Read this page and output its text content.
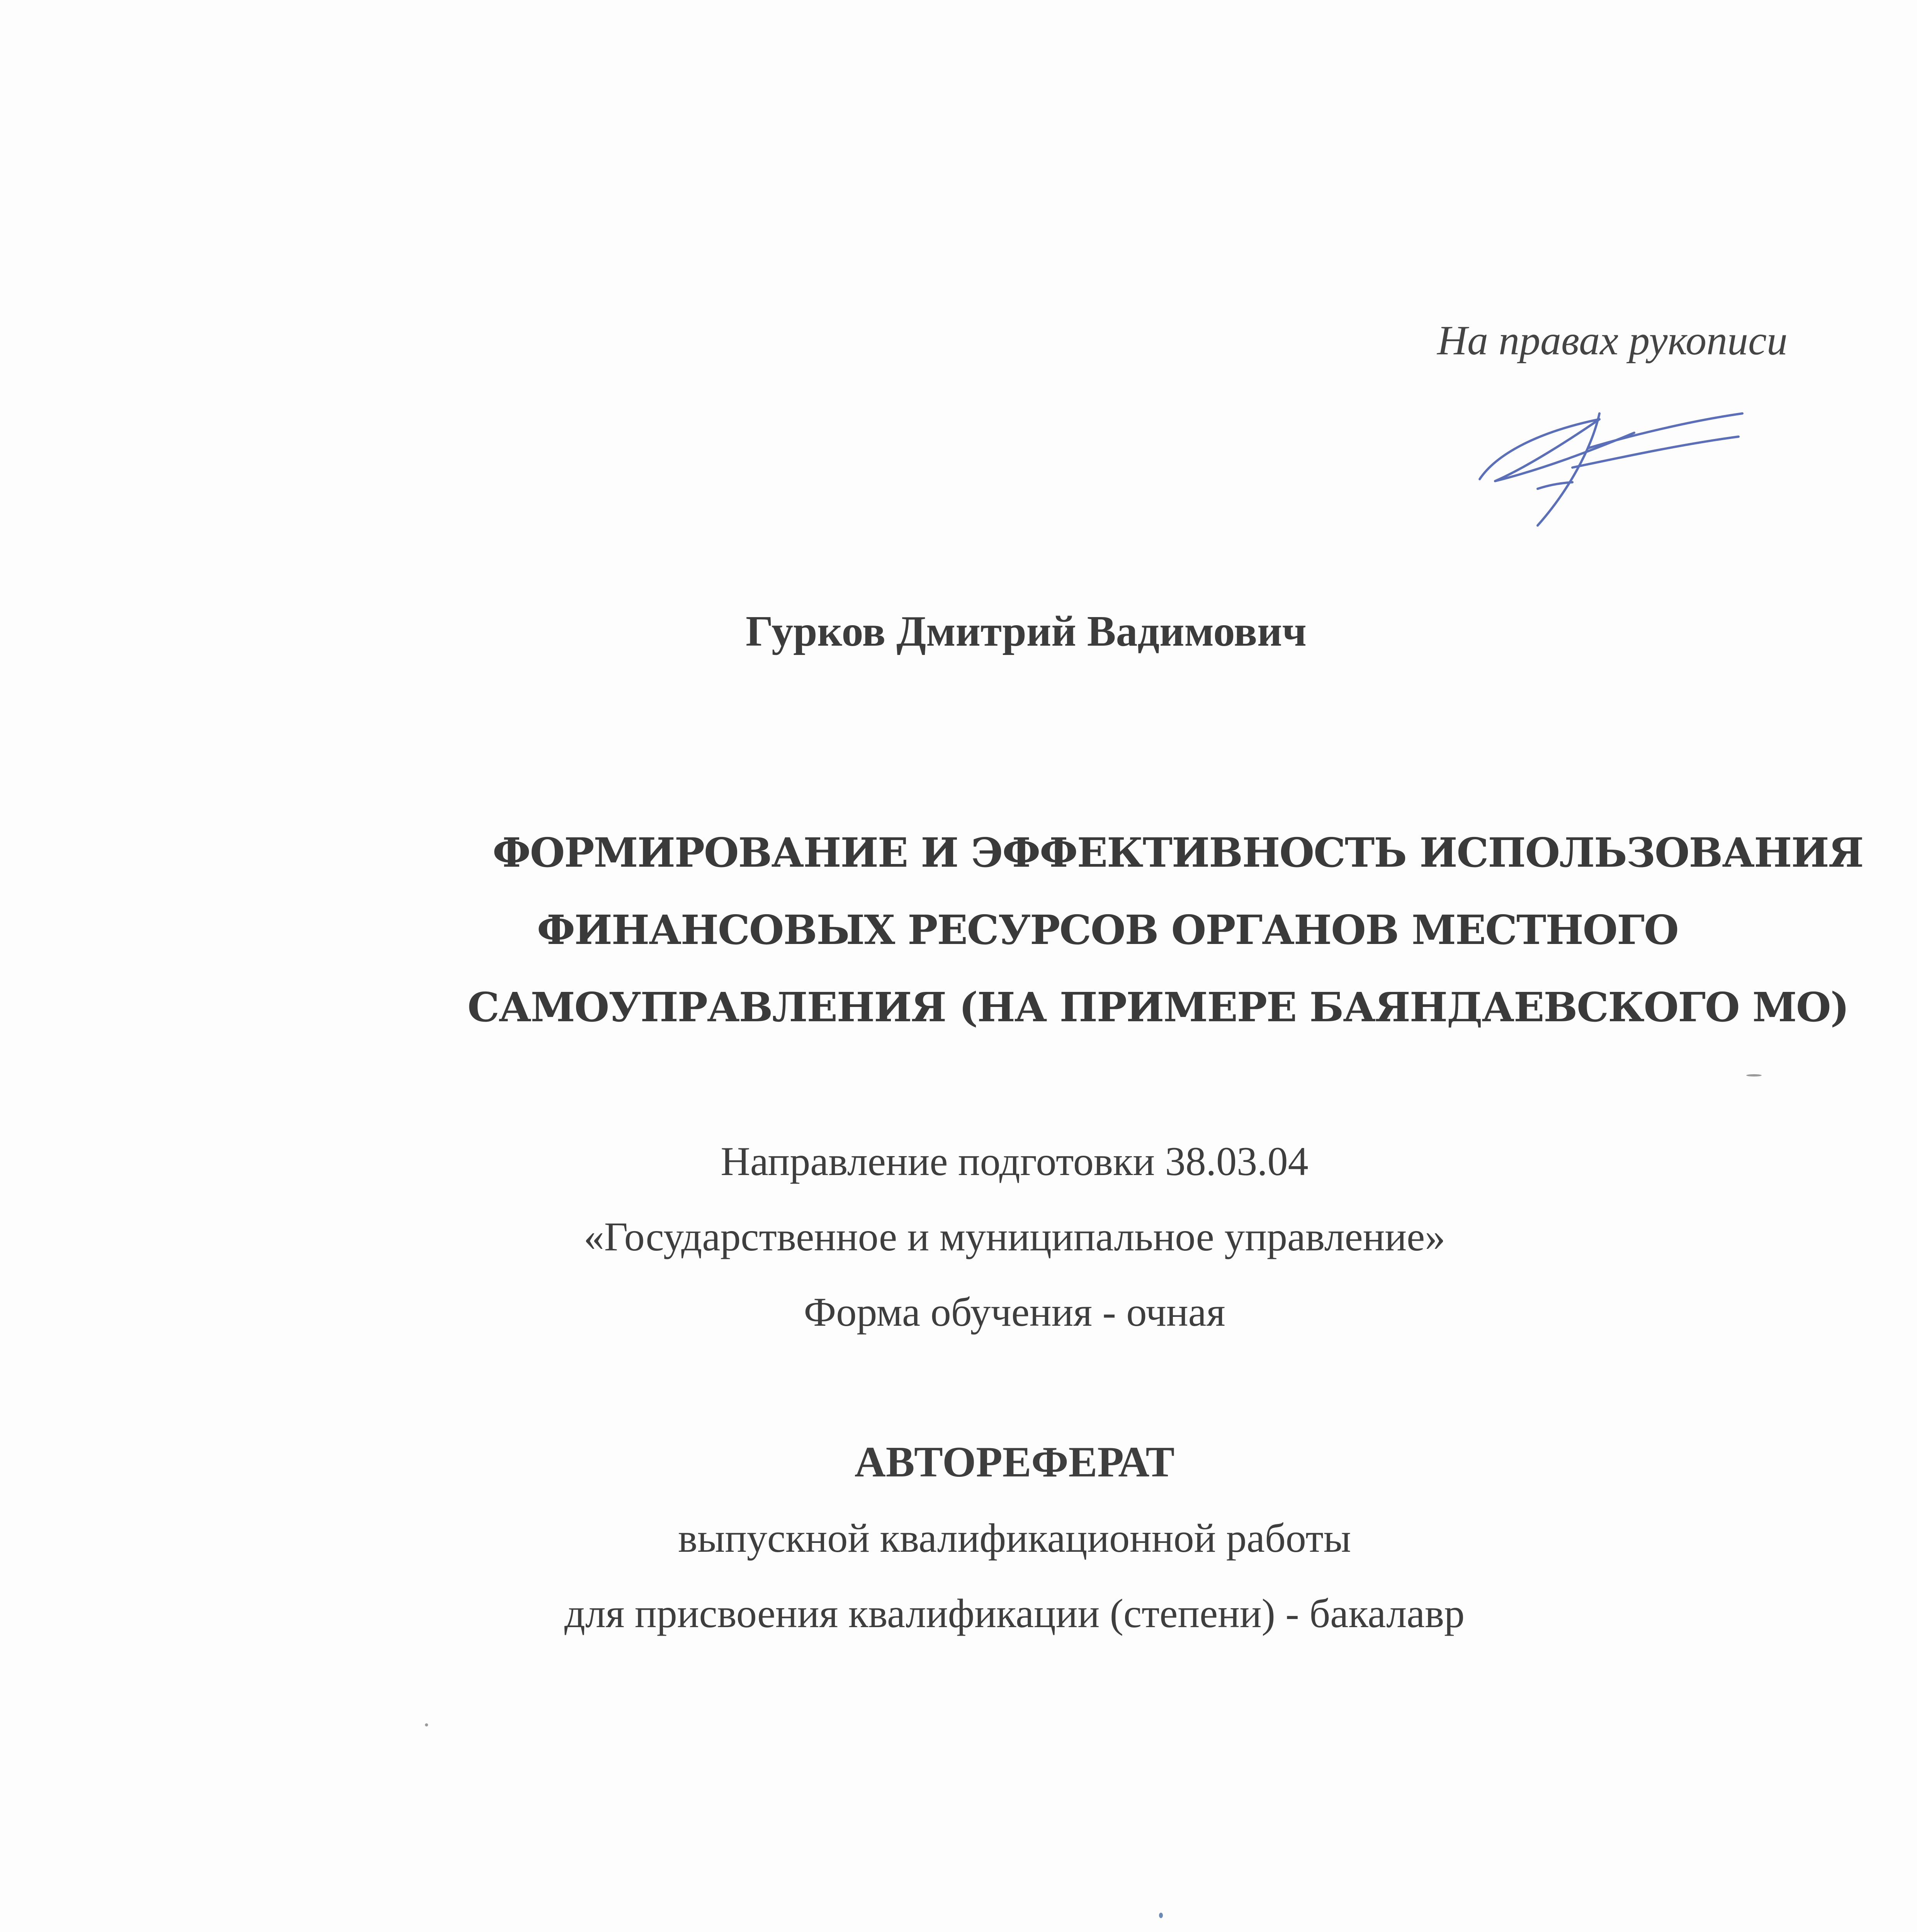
На правах рукописи
Гурков Дмитрий Вадимович
ФОРМИРОВАНИЕ И ЭФФЕКТИВНОСТЬ ИСПОЛЬЗОВАНИЯ
ФИНАНСОВЫХ РЕСУРСОВ ОРГАНОВ МЕСТНОГО
САМОУПРАВЛЕНИЯ (НА ПРИМЕРЕ БАЯНДАЕВСКОГО МО)
Направление подготовки 38.03.04
«Государственное и муниципальное управление»
Форма обучения - очная
АВТОРЕФЕРАТ
выпускной квалификационной работы
для присвоения квалификации (степени) - бакалавр
